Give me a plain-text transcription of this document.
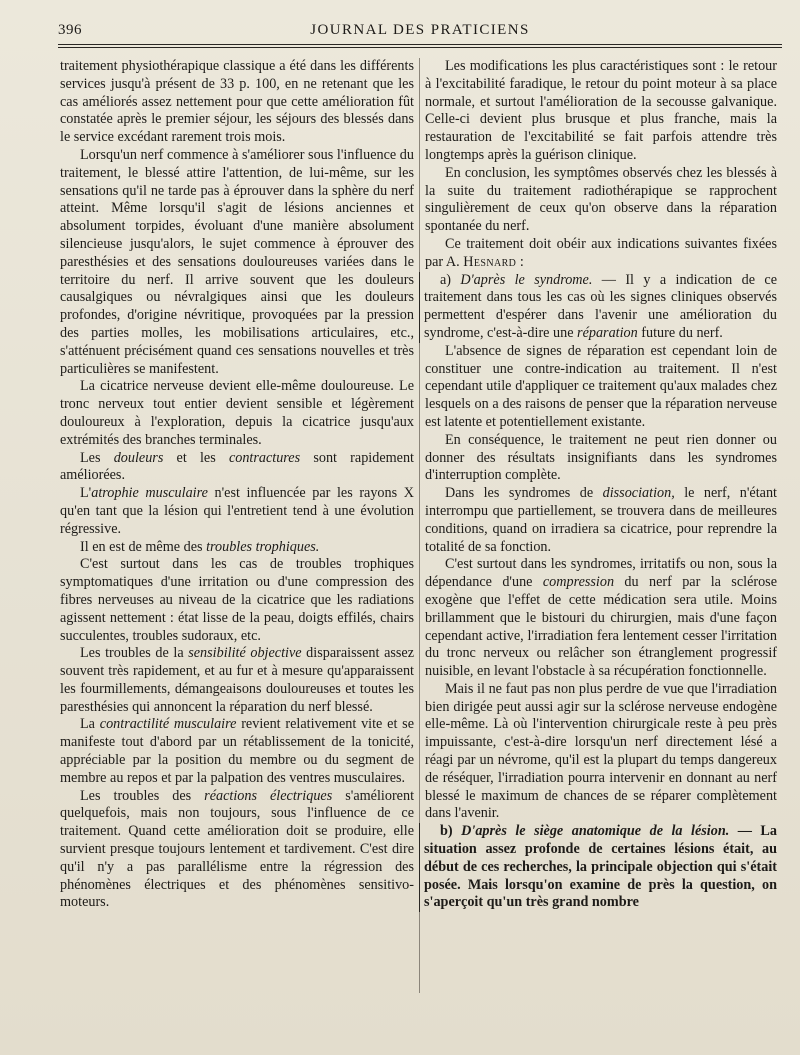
396	JOURNAL DES PRATICIENS

traitement physiothérapique classique a été dans les différents services jusqu'à présent de 33 p. 100, en ne retenant que les cas améliorés assez nettement pour que cette amélioration fût constatée après le premier séjour, les séjours des blessés dans le service excédant rarement trois mois.

Lorsqu'un nerf commence à s'améliorer sous l'influence du traitement, le blessé attire l'attention, de lui-même, sur les sensations qu'il ne tarde pas à éprouver dans la sphère du nerf atteint. Même lorsqu'il s'agit de lésions anciennes et absolument torpides, évoluant d'une manière absolument silencieuse jusqu'alors, le sujet commence à éprouver des paresthésies et des sensations douloureuses variées dans le territoire du nerf. Il arrive souvent que les douleurs causalgiques ou névralgiques ainsi que les douleurs profondes, d'origine névritique, provoquées par la pression des parties molles, les mobilisations articulaires, etc., s'atténuent précisément quand ces sensations nouvelles et très particulières se manifestent.

La cicatrice nerveuse devient elle-même douloureuse. Le tronc nerveux tout entier devient sensible et légèrement douloureux à l'exploration, depuis la cicatrice jusqu'aux extrémités des branches terminales.

Les douleurs et les contractures sont rapidement améliorées.

L'atrophie musculaire n'est influencée par les rayons X qu'en tant que la lésion qui l'entretient tend à une évolution régressive.

Il en est de même des troubles trophiques.

C'est surtout dans les cas de troubles trophiques symptomatiques d'une irritation ou d'une compression des fibres nerveuses au niveau de la cicatrice que les radiations agissent nettement : état lisse de la peau, doigts effilés, chairs succulentes, troubles sudoraux, etc.

Les troubles de la sensibilité objective disparaissent assez souvent très rapidement, et au fur et à mesure qu'apparaissent les fourmillements, démangeaisons douloureuses et toutes les paresthésies qui annoncent la réparation du nerf blessé.

La contractilité musculaire revient relativement vite et se manifeste tout d'abord par un rétablissement de la tonicité, appréciable par la position du membre ou du segment de membre au repos et par la palpation des ventres musculaires.

Les troubles des réactions électriques s'améliorent quelquefois, mais non toujours, sous l'influence de ce traitement. Quand cette amélioration doit se produire, elle survient presque toujours lentement et tardivement. C'est dire qu'il n'y a pas parallélisme entre la régression des phénomènes électriques et des phénomènes sensitivo-moteurs.

Les modifications les plus caractéristiques sont : le retour à l'excitabilité faradique, le retour du point moteur à sa place normale, et surtout l'amélioration de la secousse galvanique. Celle-ci devient plus brusque et plus franche, mais la restauration de l'excitabilité se fait parfois attendre très longtemps après la guérison clinique.

En conclusion, les symptômes observés chez les blessés à la suite du traitement radiothérapique se rapprochent singulièrement de ceux qu'on observe dans la réparation spontanée du nerf.

Ce traitement doit obéir aux indications suivantes fixées par A. Hesnard :

a) D'après le syndrome. — Il y a indication de ce traitement dans tous les cas où les signes cliniques observés permettent d'espérer dans l'avenir une amélioration du syndrome, c'est-à-dire une réparation future du nerf.

L'absence de signes de réparation est cependant loin de constituer une contre-indication au traitement. Il n'est cependant utile d'appliquer ce traitement qu'aux malades chez lesquels on a des raisons de penser que la réparation nerveuse est latente et potentiellement existante.

En conséquence, le traitement ne peut rien donner ou donner des résultats insignifiants dans les syndromes d'interruption complète.

Dans les syndromes de dissociation, le nerf, n'étant interrompu que partiellement, se trouvera dans de meilleures conditions, quand on irradiera sa cicatrice, pour reprendre la totalité de sa fonction.

C'est surtout dans les syndromes, irritatifs ou non, sous la dépendance d'une compression du nerf par la sclérose exogène que l'effet de cette médication sera utile. Moins brillamment que le bistouri du chirurgien, mais d'une façon cependant active, l'irradiation fera lentement cesser l'irritation du tronc nerveux ou relâcher son étranglement progressif nuisible, en levant l'obstacle à sa récupération fonctionnelle.

Mais il ne faut pas non plus perdre de vue que l'irradiation bien dirigée peut aussi agir sur la sclérose nerveuse endogène elle-même. Là où l'intervention chirurgicale reste à peu près impuissante, c'est-à-dire lorsqu'un nerf directement lésé a réagi par un névrome, qu'il est la plupart du temps dangereux de réséquer, l'irradiation pourra intervenir en donnant au nerf blessé le maximum de chances de se réparer complètement dans l'avenir.

b) D'après le siège anatomique de la lésion. — La situation assez profonde de certaines lésions était, au début de ces recherches, la principale objection qui s'était posée. Mais lorsqu'on examine de près la question, on s'aperçoit qu'un très grand nombre
